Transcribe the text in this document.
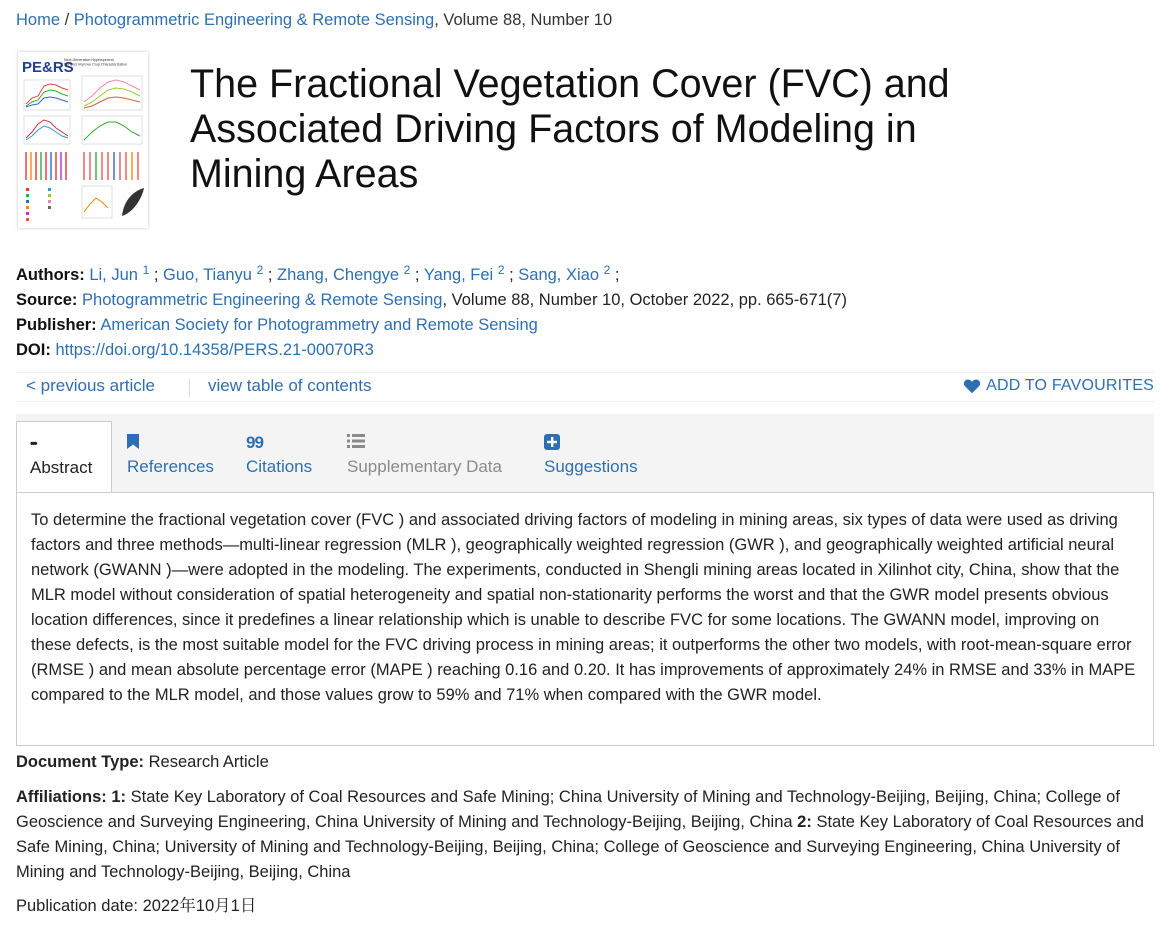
Home / Photogrammetric Engineering & Remote Sensing, Volume 88, Number 10
PE&RS
Next-Generation Hyperspectral Sensors Improve Crop Characterization The Fractional Vegetation Cover (FVC) and Associated Driving Factors of Modeling in Mining Areas
Authors: Li, Jun $^1$ ; Guo, Tianyu $^2$ ; Zhang, Chengye $^2$ ; Yang, Fei $^2$ ; Sang, Xiao $^2$ ;
Source: Photogrammetric Engineering & Remote Sensing, Volume 88, Number 10, October 2022, pp. 665-671(7)
Publisher: American Society for Photogrammetry and Remote Sensing
DOI: https://doi.org/10.14358/PERS.21-00070R3
< previous article	view table of contents	ADD TO FAVOURITES
•••
Abstract	References
99
Citations Supplementary Data Suggestions

To determine the fractional vegetation cover (FVC ) and associated driving factors of modeling in mining areas, six types of data were used as driving factors and three methods—multi-linear regression (MLR ), geographically weighted regression (GWR ), and geographically weighted artificial neural network (GWANN )—were adopted in the modeling. The experiments, conducted in Shengli mining areas located in Xilinhot city, China, show that the MLR model without consideration of spatial heterogeneity and spatial non-stationarity performs the worst and that the GWR model presents obvious location differences, since it predefines a linear relationship which is unable to describe FVC for some locations. The GWANN model, improving on these defects, is the most suitable model for the FVC driving process in mining areas; it outperforms the other two models, with root-mean-square error (RMSE ) and mean absolute percentage error (MAPE ) reaching 0.16 and 0.20. It has improvements of approximately 24% in RMSE and 33% in MAPE compared to the MLR model, and those values grow to 59% and 71% when compared with the GWR model.

Document Type: Research Article
Affiliations: 1: State Key Laboratory of Coal Resources and Safe Mining; China University of Mining and Technology-Beijing, Beijing, China; College of Geoscience and Surveying Engineering, China University of Mining and Technology-Beijing, Beijing, China 2: State Key Laboratory of Coal Resources and Safe Mining, China; University of Mining and Technology-Beijing, Beijing, China; College of Geoscience and Surveying Engineering, China University of Mining and Technology-Beijing, Beijing, China
Publication date: 2022年10月1日
